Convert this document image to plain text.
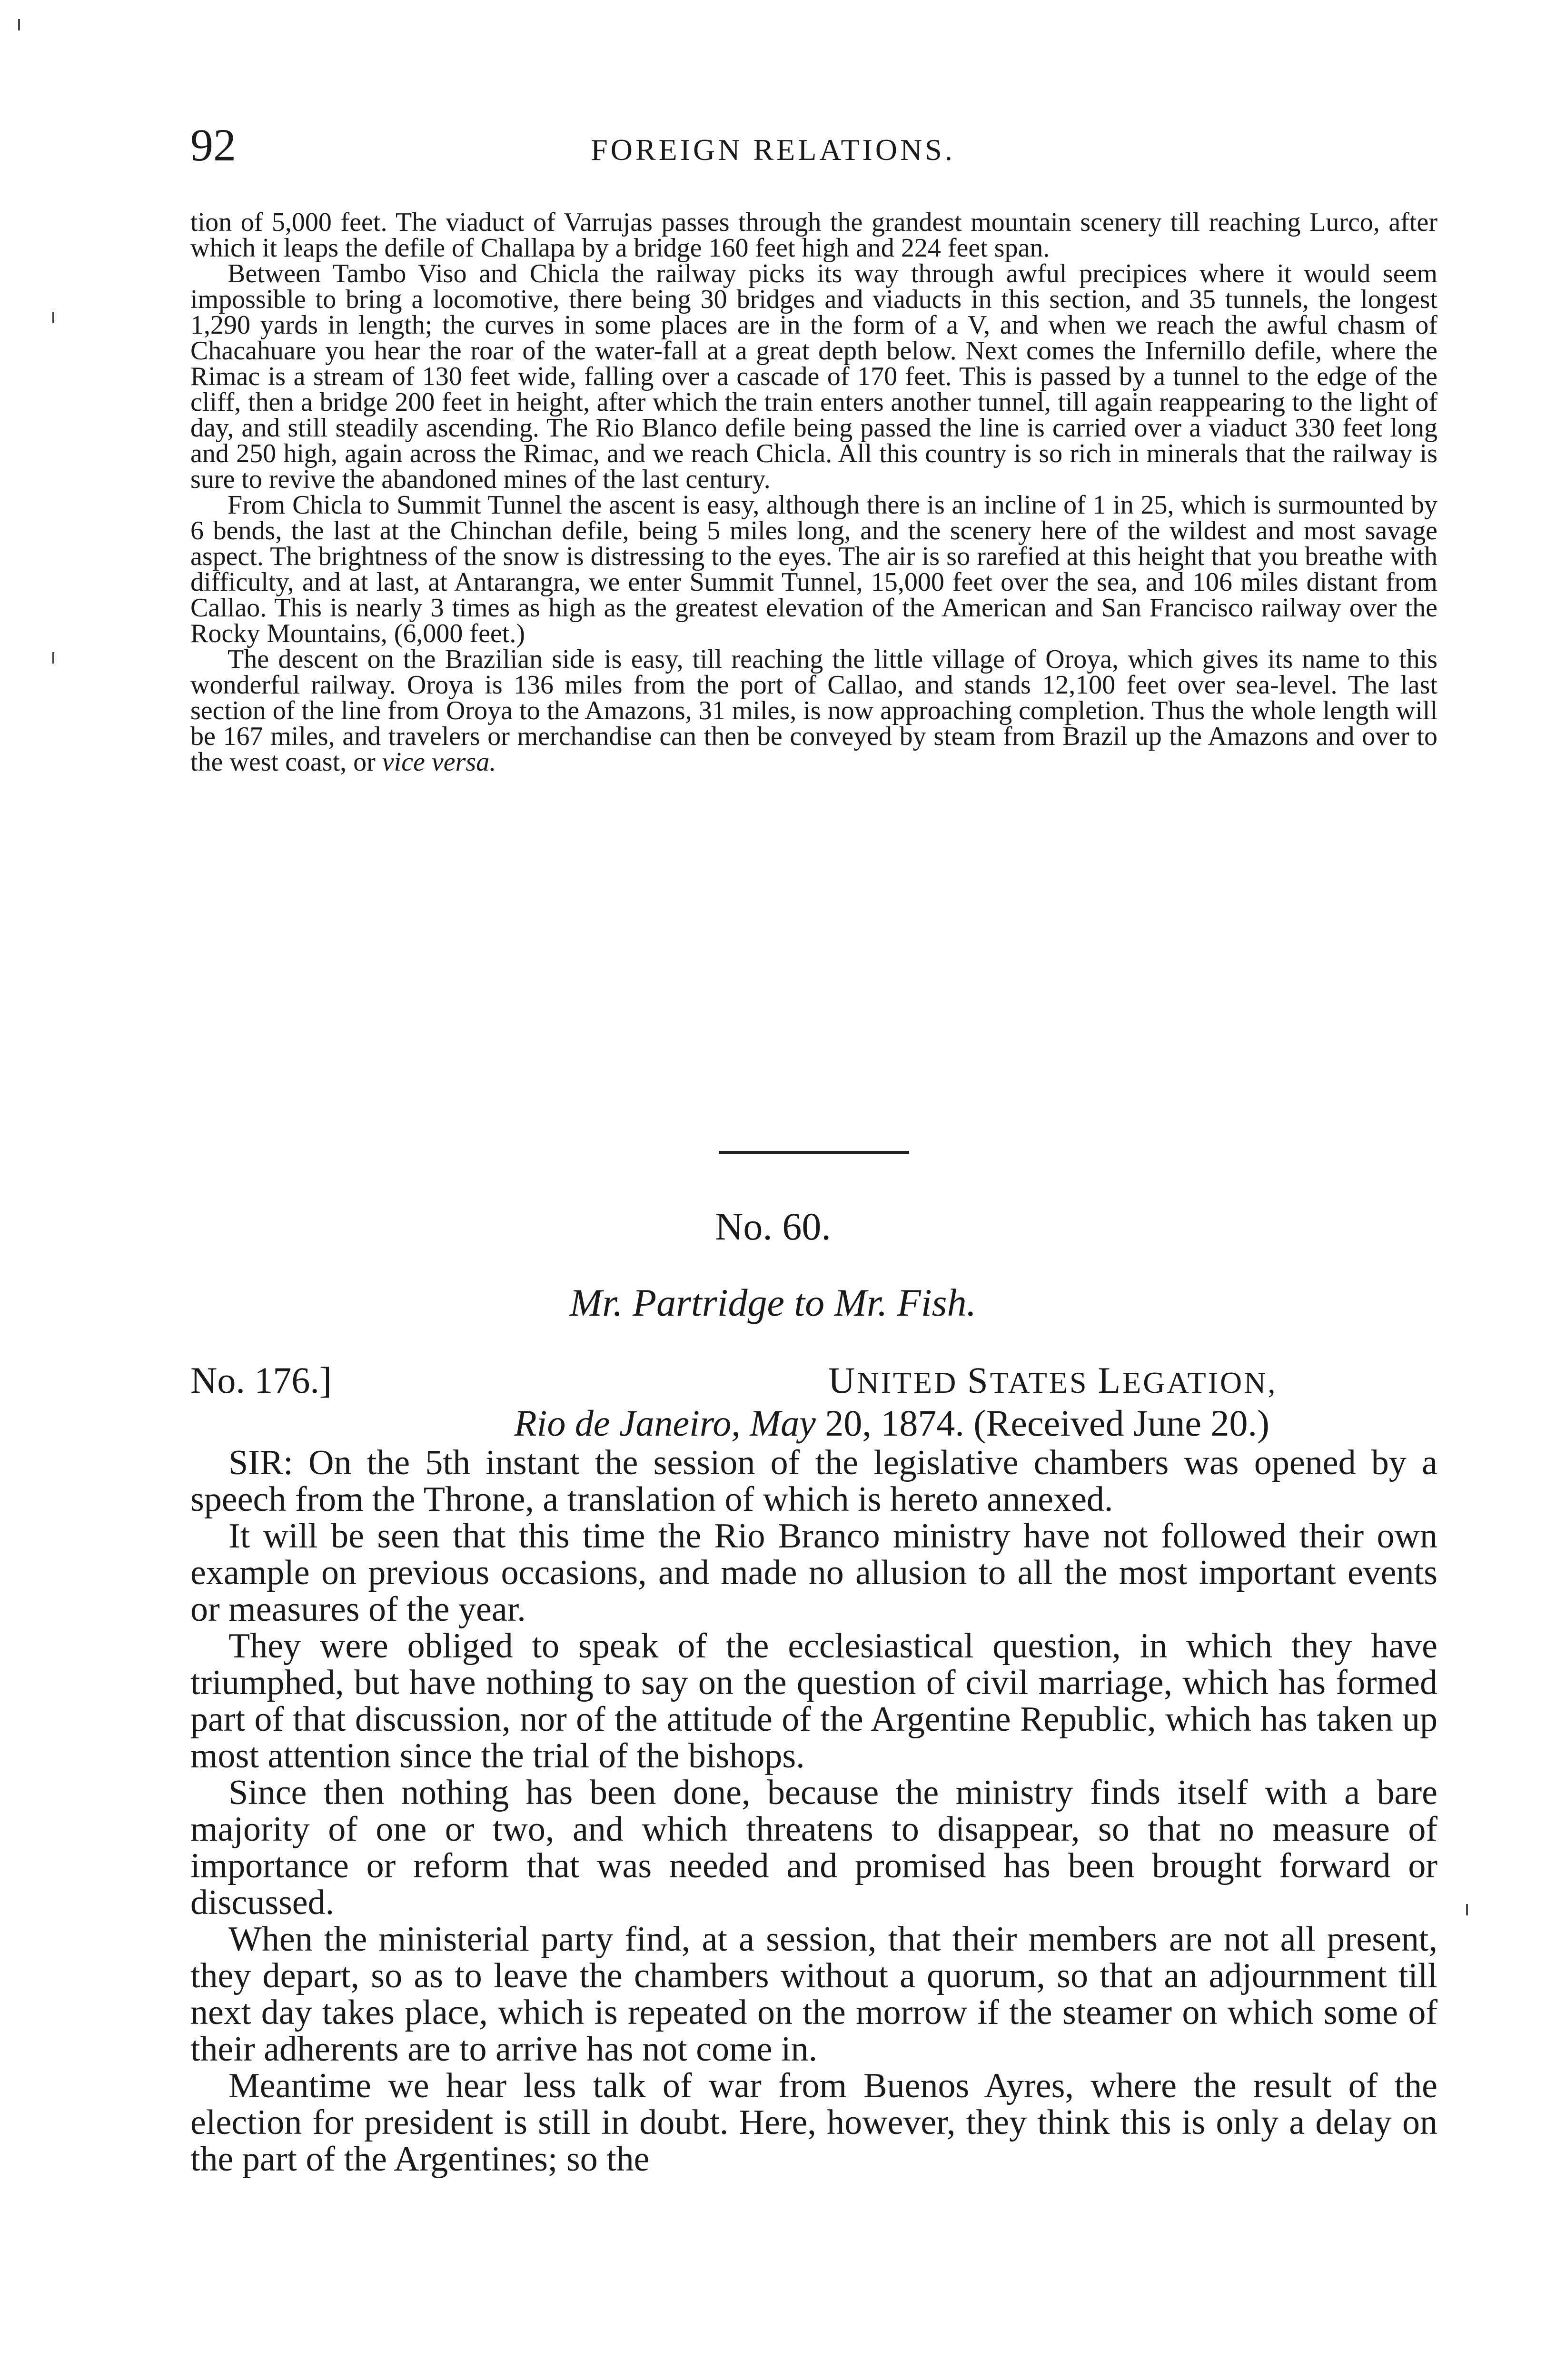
92	FOREIGN RELATIONS.

tion of 5,000 feet. The viaduct of Varrujas passes through the grandest mountain scenery till reaching Lurco, after which it leaps the defile of Challapa by a bridge 160 feet high and 224 feet span.

Between Tambo Viso and Chicla the railway picks its way through awful precipices where it would seem impossible to bring a locomotive, there being 30 bridges and viaducts in this section, and 35 tunnels, the longest 1,290 yards in length; the curves in some places are in the form of a V, and when we reach the awful chasm of Chacahuare you hear the roar of the water-fall at a great depth below. Next comes the Infernillo defile, where the Rimac is a stream of 130 feet wide, falling over a cascade of 170 feet. This is passed by a tunnel to the edge of the cliff, then a bridge 200 feet in height, after which the train enters another tunnel, till again reappearing to the light of day, and still steadily ascending. The Rio Blanco defile being passed the line is carried over a viaduct 330 feet long and 250 high, again across the Rimac, and we reach Chicla. All this country is so rich in minerals that the railway is sure to revive the abandoned mines of the last century.

From Chicla to Summit Tunnel the ascent is easy, although there is an incline of 1 in 25, which is surmounted by 6 bends, the last at the Chinchan defile, being 5 miles long, and the scenery here of the wildest and most savage aspect. The brightness of the snow is distressing to the eyes. The air is so rarefied at this height that you breathe with difficulty, and at last, at Antarangra, we enter Summit Tunnel, 15,000 feet over the sea, and 106 miles distant from Callao. This is nearly 3 times as high as the greatest elevation of the American and San Francisco railway over the Rocky Mountains, (6,000 feet.)

The descent on the Brazilian side is easy, till reaching the little village of Oroya, which gives its name to this wonderful railway. Oroya is 136 miles from the port of Callao, and stands 12,100 feet over sea-level. The last section of the line from Oroya to the Amazons, 31 miles, is now approaching completion. Thus the whole length will be 167 miles, and travelers or merchandise can then be conveyed by steam from Brazil up the Amazons and over to the west coast, or vice versa.

No. 60.
Mr. Partridge to Mr. Fish.
No. 176.]	UNITED STATES LEGATION,
Rio de Janeiro, May 20, 1874. (Received June 20.)

SIR: On the 5th instant the session of the legislative chambers was opened by a speech from the Throne, a translation of which is hereto annexed.

It will be seen that this time the Rio Branco ministry have not followed their own example on previous occasions, and made no allusion to all the most important events or measures of the year.

They were obliged to speak of the ecclesiastical question, in which they have triumphed, but have nothing to say on the question of civil marriage, which has formed part of that discussion, nor of the attitude of the Argentine Republic, which has taken up most attention since the trial of the bishops.

Since then nothing has been done, because the ministry finds itself with a bare majority of one or two, and which threatens to disappear, so that no measure of importance or reform that was needed and promised has been brought forward or discussed.

When the ministerial party find, at a session, that their members are not all present, they depart, so as to leave the chambers without a quorum, so that an adjournment till next day takes place, which is repeated on the morrow if the steamer on which some of their adherents are to arrive has not come in.

Meantime we hear less talk of war from Buenos Ayres, where the result of the election for president is still in doubt. Here, however, they think this is only a delay on the part of the Argentines; so the
